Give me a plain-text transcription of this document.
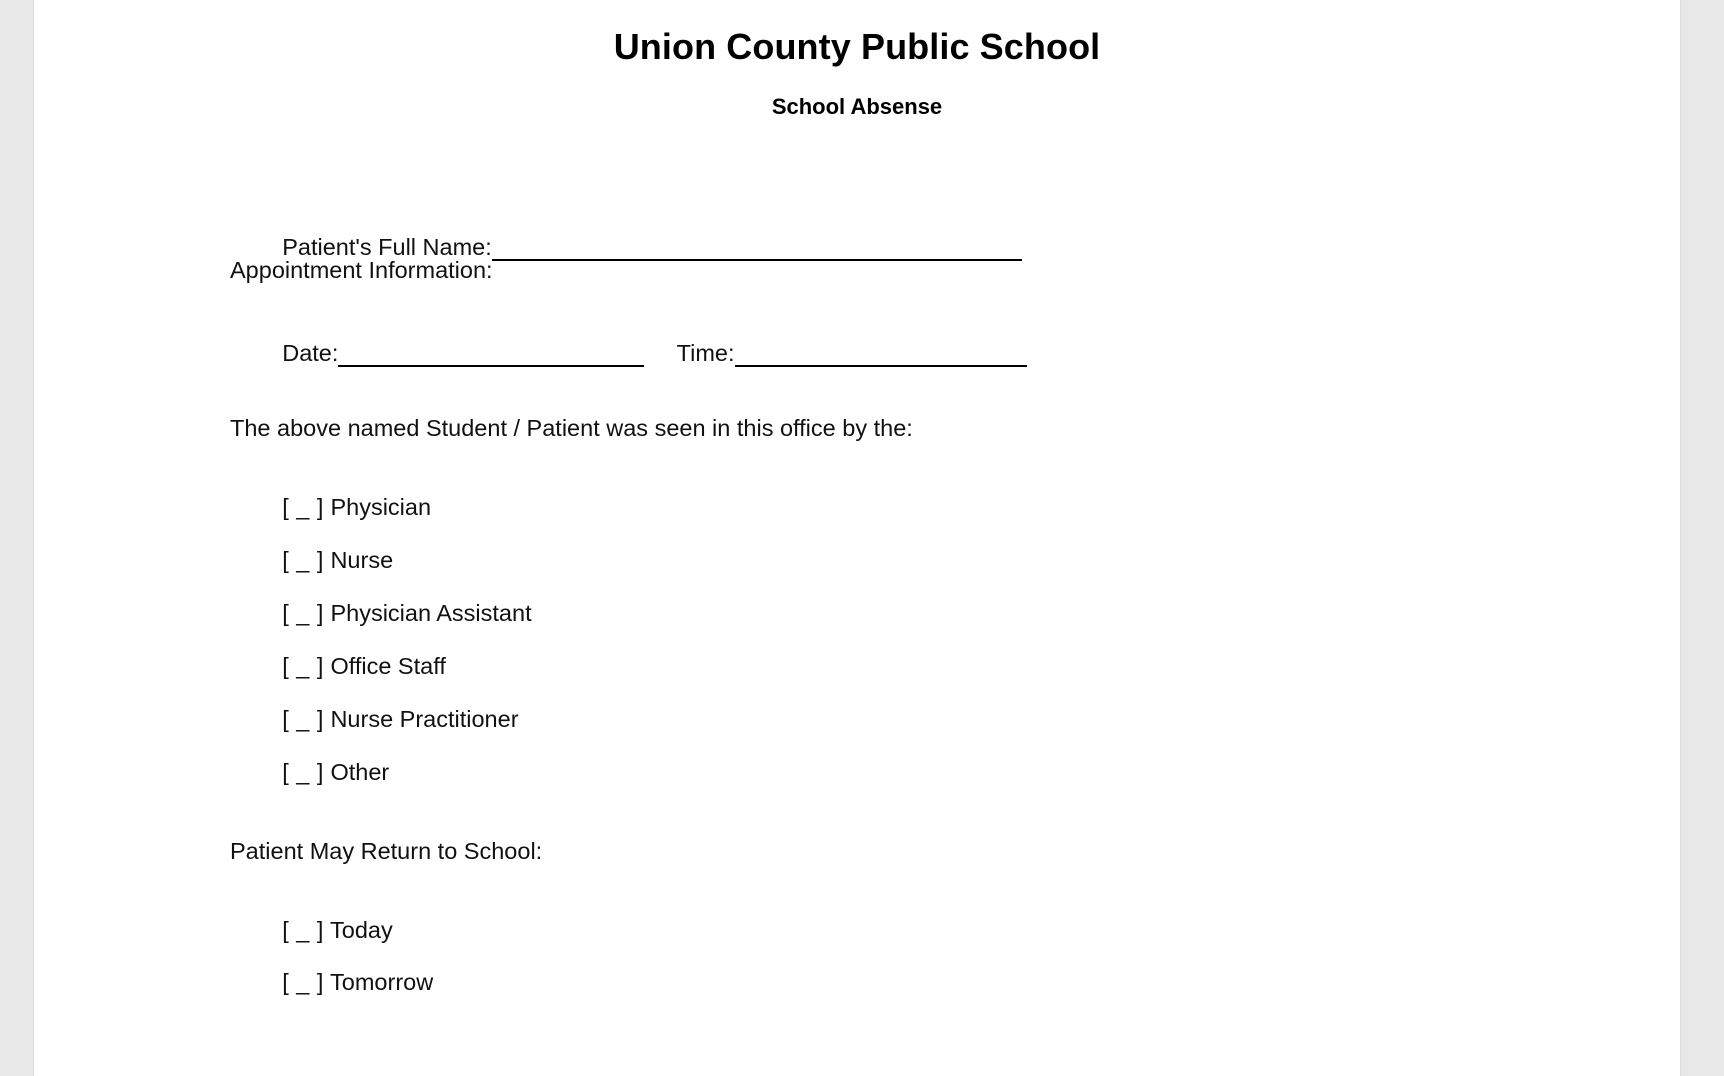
Union County Public School
School Absense

Patient's Full Name:

Appointment Information:

Date:	Time:

The above named Student / Patient was seen in this office by the:

[ _ ] Physician

[ _ ] Nurse

[ _ ] Physician Assistant

[ _ ] Office Staff

[ _ ] Nurse Practitioner

[ _ ] Other

Patient May Return to School:

[ _ ] Today

[ _ ] Tomorrow
